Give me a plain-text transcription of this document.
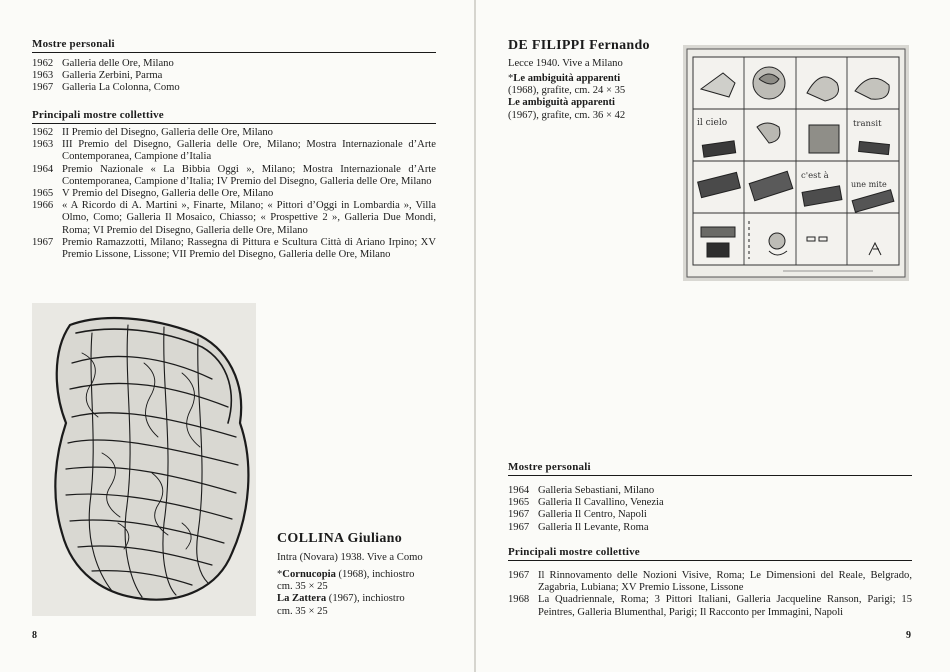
Mostre personali
1962 Galleria delle Ore, Milano
1963 Galleria Zerbini, Parma
1967 Galleria La Colonna, Como
Principali mostre collettive
1962 II Premio del Disegno, Galleria delle Ore, Milano
1963 III Premio del Disegno, Galleria delle Ore, Milano; Mostra Internazionale d’Arte Contemporanea, Campione d’Italia
1964 Premio Nazionale « La Bibbia Oggi », Milano; Mostra Internazionale d’Arte Contemporanea, Campione d’Italia; IV Premio del Disegno, Galleria delle Ore, Milano
1965 V Premio del Disegno, Galleria delle Ore, Milano
1966 « A Ricordo di A. Martini », Finarte, Milano; « Pittori d’Oggi in Lombardia », Villa Olmo, Como; Galleria Il Mosaico, Chiasso; « Prospettive 2 », Galleria Due Mondi, Roma; VI Premio del Disegno, Galleria delle Ore, Milano
1967 Premio Ramazzotti, Milano; Rassegna di Pittura e Scultura Città di Ariano Irpino; XV Premio Lissone, Lissone; VII Premio del Disegno, Galleria delle Ore, Milano
COLLINA Giuliano
Intra (Novara) 1938. Vive a Como
*Cornucopia (1968), inchiostro
cm. 35 × 25
La Zattera (1967), inchiostro
cm. 35 × 25
8
DE FILIPPI Fernando
Lecce 1940. Vive a Milano
*Le ambiguità apparenti
(1968), grafite, cm. 24 × 35
Le ambiguità apparenti
(1967), grafite, cm. 36 × 42
il cielo	transit
c'est à
une mite
Mostre personali
1964 Galleria Sebastiani, Milano
1965 Galleria Il Cavallino, Venezia
1967 Galleria Il Centro, Napoli
1967 Galleria Il Levante, Roma
Principali mostre collettive
1967 Il Rinnovamento delle Nozioni Visive, Roma; Le Dimensioni del Reale, Belgrado, Zagabria, Lubiana; XV Premio Lissone, Lissone
1968 La Quadriennale, Roma; 3 Pittori Italiani, Galleria Jacqueline Ranson, Parigi; 15 Peintres, Galleria Blumenthal, Parigi; Il Racconto per Immagini, Napoli
9
